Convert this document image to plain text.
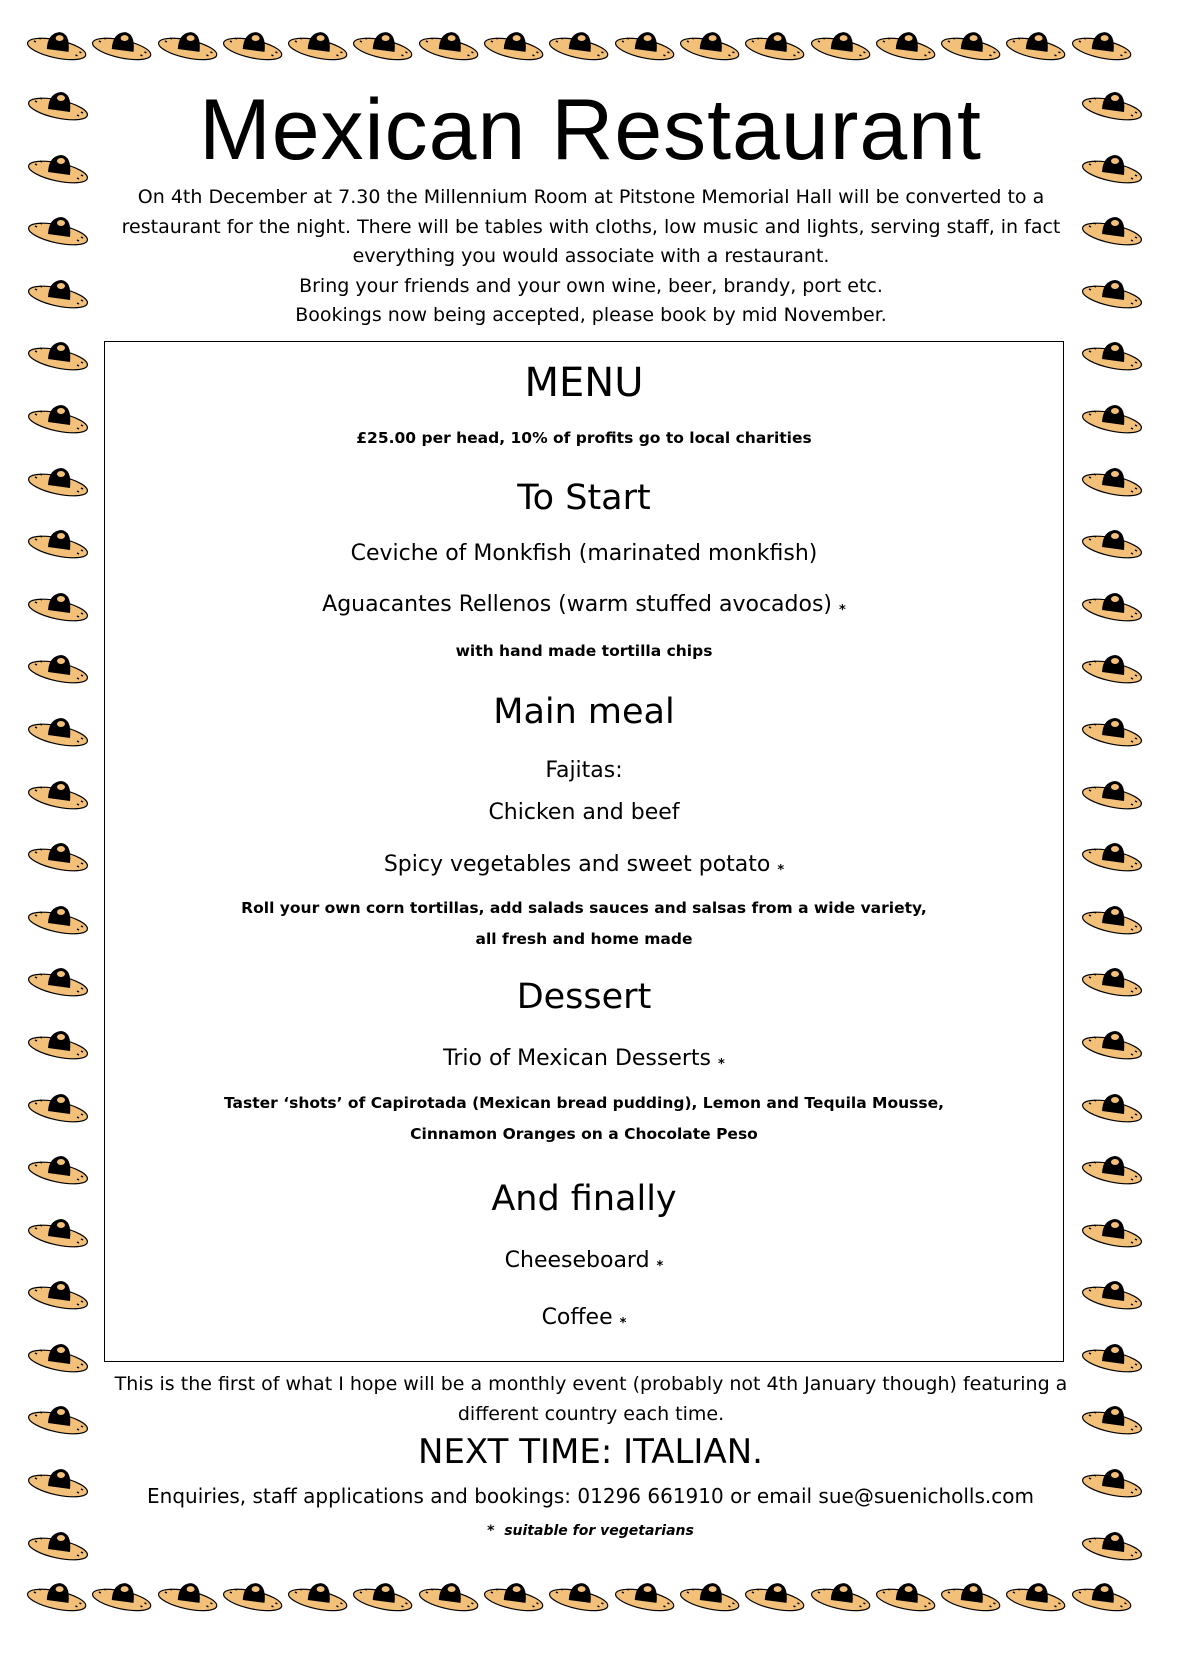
Mexican Restaurant

On 4th December at 7.30 the Millennium Room at Pitstone Memorial Hall will be converted to a restaurant for the night. There will be tables with cloths, low music and lights, serving staff, in fact everything you would associate with a restaurant.

Bring your friends and your own wine, beer, brandy, port etc.

Bookings now being accepted, please book by mid November.

MENU
£25.00 per head, 10% of profits go to local charities
To Start
Ceviche of Monkfish (marinated monkfish)
Aguacantes Rellenos (warm stuffed avocados) *
with hand made tortilla chips
Main meal
Fajitas:
Chicken and beef
Spicy vegetables and sweet potato *
Roll your own corn tortillas, add salads sauces and salsas from a wide variety,
all fresh and home made
Dessert
Trio of Mexican Desserts *
Taster ‘shots’ of Capirotada (Mexican bread pudding), Lemon and Tequila Mousse,
Cinnamon Oranges on a Chocolate Peso
And finally
Cheeseboard *
Coffee *
This is the first of what I hope will be a monthly event (probably not 4th January though) featuring a different country each time.
NEXT TIME: ITALIAN.
Enquiries, staff applications and bookings: 01296 661910 or email sue@suenicholls.com
* suitable for vegetarians
